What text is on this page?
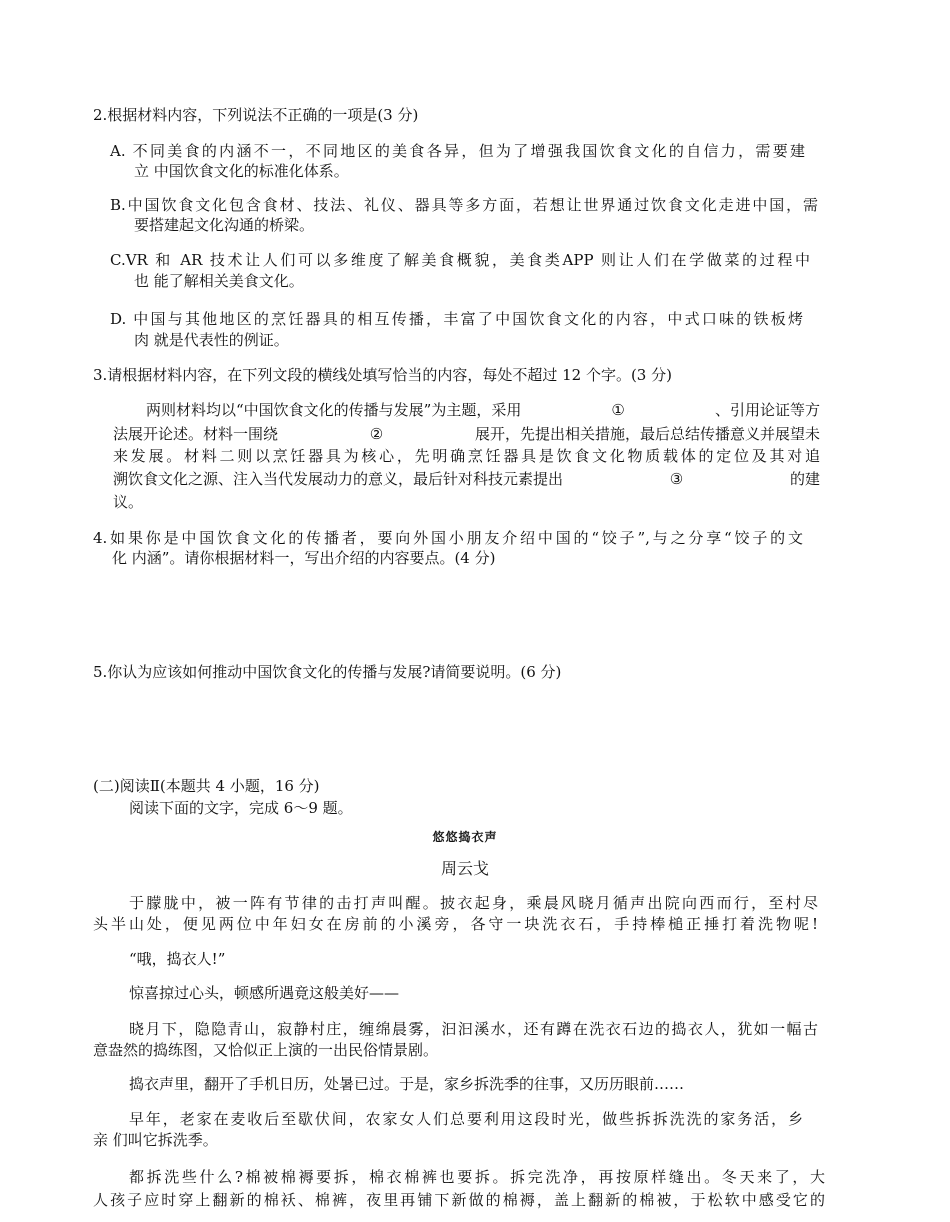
2.根据材料内容，下列说法不正确的一项是(3 分)
A. 不同美食的内涵不一，不同地区的美食各异，但为了增强我国饮食文化的自信力，需要建
立 中国饮食文化的标准化体系。
B.中国饮食文化包含食材、技法、礼仪、器具等多方面，若想让世界通过饮食文化走进中国，需
要搭建起文化沟通的桥梁。
C.VR 和 AR 技术让人们可以多维度了解美食概貌，美食类APP 则让人们在学做菜的过程中
也 能了解相关美食文化。
D. 中国与其他地区的烹饪器具的相互传播，丰富了中国饮食文化的内容，中式口味的铁板烤
肉 就是代表性的例证。
3.请根据材料内容，在下列文段的横线处填写恰当的内容，每处不超过 12 个字。(3 分)
两则材料均以“中国饮食文化的传播与发展”为主题，采用	①	、引用论证等方
法展开论述。材料一围绕	②	展开，先提出相关措施，最后总结传播意义并展望未
来发展。材料二则以烹饪器具为核心，先明确烹饪器具是饮食文化物质载体的定位及其对追
溯饮食文化之源、注入当代发展动力的意义，最后针对科技元素提出	③	的建
议。
4.如果你是中国饮食文化的传播者，要向外国小朋友介绍中国的“饺子”,与之分享“饺子的文
化 内涵”。请你根据材料一，写出介绍的内容要点。(4 分)
5.你认为应该如何推动中国饮食文化的传播与发展?请简要说明。(6 分)
(二)阅读Ⅱ(本题共 4 小题，16 分)
阅读下面的文字，完成 6～9 题。
悠悠捣衣声
周云戈
于朦胧中，被一阵有节律的击打声叫醒。披衣起身，乘晨风晓月循声出院向西而行，至村尽
头半山处，便见两位中年妇女在房前的小溪旁，各守一块洗衣石，手持棒槌正捶打着洗物呢!
“哦，捣衣人!”
惊喜掠过心头，顿感所遇竟这般美好——
晓月下，隐隐青山，寂静村庄，缠绵晨雾，汩汩溪水，还有蹲在洗衣石边的捣衣人，犹如一幅古
意盎然的捣练图，又恰似正上演的一出民俗情景剧。
捣衣声里，翻开了手机日历，处暑已过。于是，家乡拆洗季的往事，又历历眼前……
早年，老家在麦收后至歇伏间，农家女人们总要利用这段时光，做些拆拆洗洗的家务活，乡
亲 们叫它拆洗季。
都拆洗些什么?棉被棉褥要拆，棉衣棉裤也要拆。拆完洗净，再按原样缝出。冬天来了，大
人孩子应时穿上翻新的棉袄、棉裤，夜里再铺下新做的棉褥，盖上翻新的棉被，于松软中感受它的
